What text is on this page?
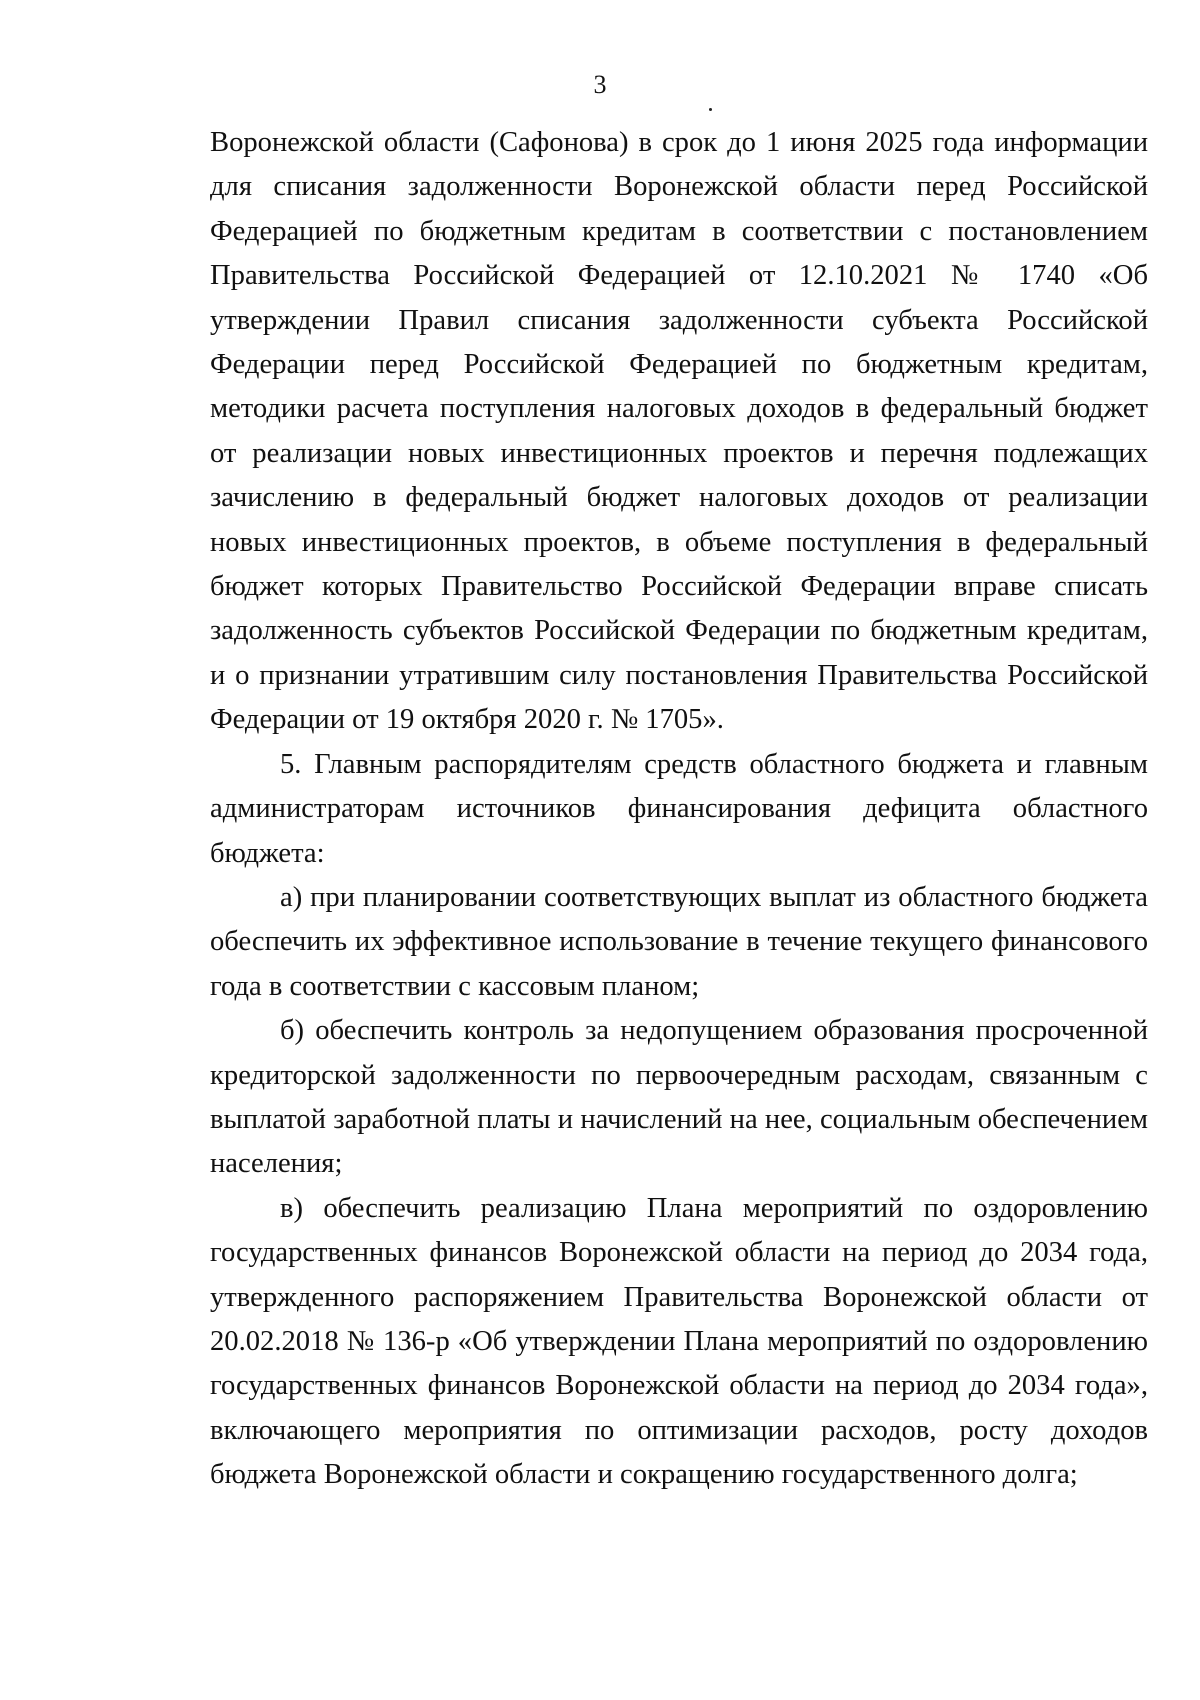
3

Воронежской области (Сафонова) в срок до 1 июня 2025 года информации для списания задолженности Воронежской области перед Российской Федерацией по бюджетным кредитам в соответствии с постановлением Правительства Российской Федерацией от 12.10.2021 № 1740 «Об утверждении Правил списания задолженности субъекта Российской Федерации перед Российской Федерацией по бюджетным кредитам, методики расчета поступления налоговых доходов в федеральный бюджет от реализации новых инвестиционных проектов и перечня подлежащих зачислению в федеральный бюджет налоговых доходов от реализации новых инвестиционных проектов, в объеме поступления в федеральный бюджет которых Правительство Российской Федерации вправе списать задолженность субъектов Российской Федерации по бюджетным кредитам, и о признании утратившим силу постановления Правительства Российской Федерации от 19 октября 2020 г. № 1705».

5. Главным распорядителям средств областного бюджета и главным администраторам источников финансирования дефицита областного бюджета:

а) при планировании соответствующих выплат из областного бюджета обеспечить их эффективное использование в течение текущего финансового года в соответствии с кассовым планом;

б) обеспечить контроль за недопущением образования просроченной кредиторской задолженности по первоочередным расходам, связанным с выплатой заработной платы и начислений на нее, социальным обеспечением населения;

в) обеспечить реализацию Плана мероприятий по оздоровлению государственных финансов Воронежской области на период до 2034 года, утвержденного распоряжением Правительства Воронежской области от 20.02.2018 № 136-р «Об утверждении Плана мероприятий по оздоровлению государственных финансов Воронежской области на период до 2034 года», включающего мероприятия по оптимизации расходов, росту доходов бюджета Воронежской области и сокращению государственного долга;
